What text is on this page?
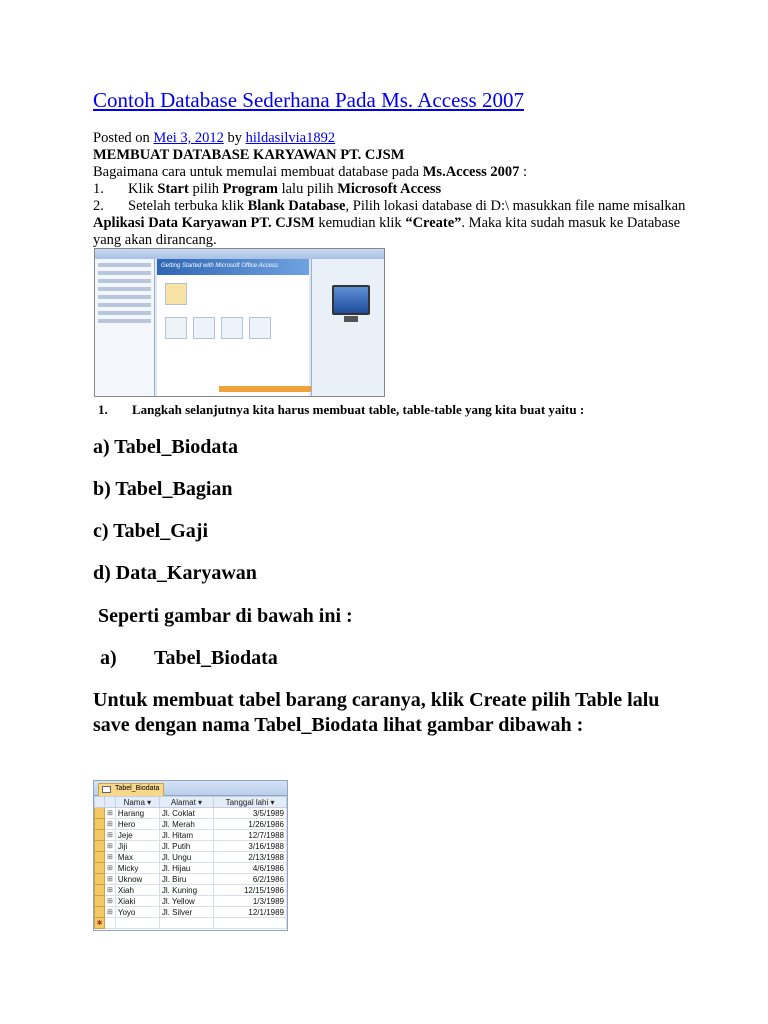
Contoh Database Sederhana Pada Ms. Access 2007
Posted on Mei 3, 2012 by hildasilvia1892
MEMBUAT DATABASE KARYAWAN PT. CJSM
Bagaimana cara untuk memulai membuat database pada Ms.Access 2007 :
1. Klik Start pilih Program lalu pilih Microsoft Access
2. Setelah terbuka klik Blank Database, Pilih lokasi database di D:\ masukkan file name misalkan Aplikasi Data Karyawan PT. CJSM kemudian klik “Create”. Maka kita sudah masuk ke Database yang akan dirancang.
Getting Started with Microsoft Office Access
1. Langkah selanjutnya kita harus membuat table, table-table yang kita buat yaitu :
a) Tabel_Biodata
b) Tabel_Bagian
c) Tabel_Gaji
d) Data_Karyawan
Seperti gambar di bawah ini :
a) Tabel_Biodata
Untuk membuat tabel barang caranya, klik Create pilih Table lalu save dengan nama Tabel_Biodata lihat gambar dibawah :
Tabel_Biodata
		Nama ▾	Alamat ▾	Tanggal lahi ▾
	⊞	Harang	Jl. Coklat	3/5/1989
	⊞	Hero	Jl. Merah	1/26/1986
	⊞	Jeje	Jl. Hitam	12/7/1988
	⊞	Jiji	Jl. Putih	3/16/1988
	⊞	Max	Jl. Ungu	2/13/1988
	⊞	Micky	Jl. Hijau	4/6/1986
	⊞	Uknow	Jl. Biru	6/2/1986
	⊞	Xiah	Jl. Kuning	12/15/1986
	⊞	Xiaki	Jl. Yellow	1/3/1989
	⊞	Yoyo	Jl. Silver	12/1/1989
✱				
